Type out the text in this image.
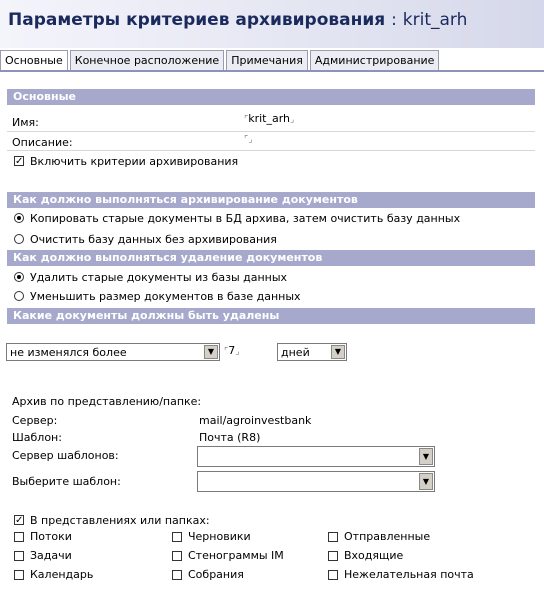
Параметры критериев архивирования : krit_arh
Основные	Конечное расположение	Примечания	Администрирование
Основные
Имя:	⌜krit_arh⌟
Описание:	⌜⌟
✓ Включить критерии архивирования
Как должно выполняться архивирование документов
Копировать старые документы в БД архива, затем очистить базу данных
Очистить базу данных без архивирования
Как должно выполняться удаление документов
Удалить старые документы из базы данных
Уменьшить размер документов в базе данных
Какие документы должны быть удалены
не изменялся более	▼	⌜7⌟	дней	▼
Архив по представлению/папке:
Сервер:	mail/agroinvestbank
Шаблон:	Почта (R8)
Сервер шаблонов:	▼
Выберите шаблон:	▼
✓ В представлениях или папках:
Потоки	Черновики	Отправленные
Задачи	Стенограммы IM	Входящие
Календарь	Собрания	Нежелательная почта
